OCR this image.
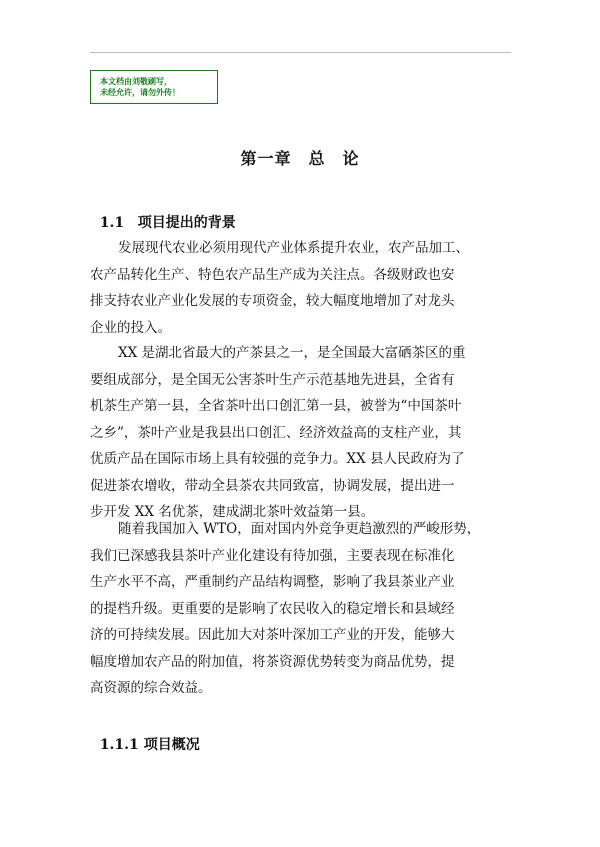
本文档由刘敬刷写，
未经允许，请勿外传！
第一章　总　论

1.1 项目提出的背景

发展现代农业必须用现代产业体系提升农业，农产品加工、
农产品转化生产、特色农产品生产成为关注点。各级财政也安
排支持农业产业化发展的专项资金，较大幅度地增加了对龙头
企业的投入。
XX 是湖北省最大的产茶县之一，是全国最大富硒茶区的重
要组成部分，是全国无公害茶叶生产示范基地先进县，全省有
机茶生产第一县，全省茶叶出口创汇第一县，被誉为“中国茶叶
之乡”，茶叶产业是我县出口创汇、经济效益高的支柱产业，其
优质产品在国际市场上具有较强的竞争力。XX 县人民政府为了
促进茶农增收，带动全县茶农共同致富，协调发展，提出进一
步开发 XX 名优茶，建成湖北茶叶效益第一县。
随着我国加入 WTO，面对国内外竞争更趋激烈的严峻形势，
我们已深感我县茶叶产业化建设有待加强，主要表现在标准化
生产水平不高，严重制约产品结构调整，影响了我县茶业产业
的提档升级。更重要的是影响了农民收入的稳定增长和县域经
济的可持续发展。因此加大对茶叶深加工产业的开发，能够大
幅度增加农产品的附加值，将茶资源优势转变为商品优势，提
高资源的综合效益。

1.1.1 项目概况
